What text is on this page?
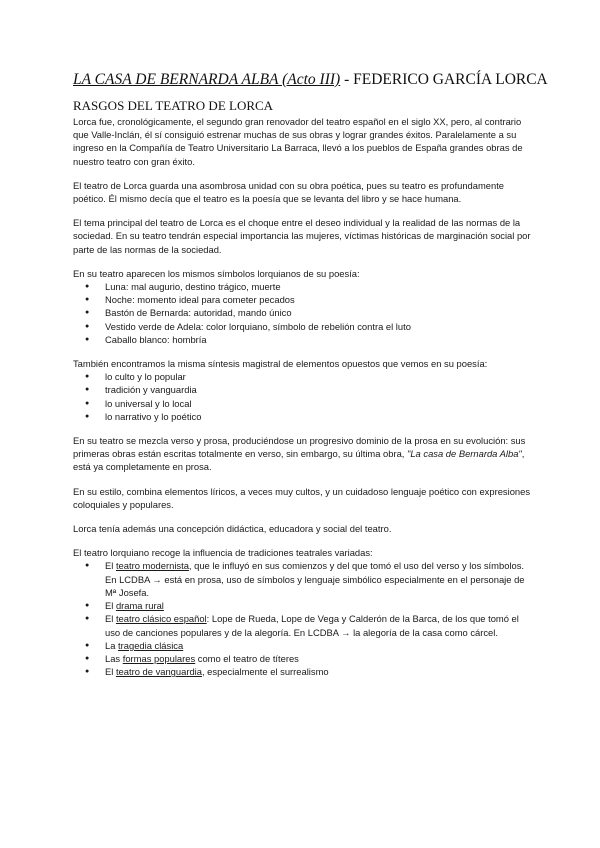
LA CASA DE BERNARDA ALBA (Acto III) - FEDERICO GARCÍA LORCA
RASGOS DEL TEATRO DE LORCA

Lorca fue, cronológicamente, el segundo gran renovador del teatro español en el siglo XX, pero, al contrario que Valle-Inclán, él sí consiguió estrenar muchas de sus obras y lograr grandes éxitos. Paralelamente a su ingreso en la Compañía de Teatro Universitario La Barraca, llevó a los pueblos de España grandes obras de nuestro teatro con gran éxito.

El teatro de Lorca guarda una asombrosa unidad con su obra poética, pues su teatro es profundamente poético. Él mismo decía que el teatro es la poesía que se levanta del libro y se hace humana.

El tema principal del teatro de Lorca es el choque entre el deseo individual y la realidad de las normas de la sociedad. En su teatro tendrán especial importancia las mujeres, víctimas históricas de marginación social por parte de las normas de la sociedad.

En su teatro aparecen los mismos símbolos lorquianos de su poesía:

● Luna: mal augurio, destino trágico, muerte
● Noche: momento ideal para cometer pecados
● Bastón de Bernarda: autoridad, mando único
● Vestido verde de Adela: color lorquiano, símbolo de rebelión contra el luto
● Caballo blanco: hombría

También encontramos la misma síntesis magistral de elementos opuestos que vemos en su poesía:

● lo culto y lo popular
● tradición y vanguardia
● lo universal y lo local
● lo narrativo y lo poético

En su teatro se mezcla verso y prosa, produciéndose un progresivo dominio de la prosa en su evolución: sus primeras obras están escritas totalmente en verso, sin embargo, su última obra, "La casa de Bernarda Alba", está ya completamente en prosa.

En su estilo, combina elementos líricos, a veces muy cultos, y un cuidadoso lenguaje poético con expresiones coloquiales y populares.

Lorca tenía además una concepción didáctica, educadora y social del teatro.

El teatro lorquiano recoge la influencia de tradiciones teatrales variadas:

● El teatro modernista, que le influyó en sus comienzos y del que tomó el uso del verso y los símbolos. En LCDBA → está en prosa, uso de símbolos y lenguaje simbólico especialmente en el personaje de Mª Josefa.
● El drama rural
● El teatro clásico español: Lope de Rueda, Lope de Vega y Calderón de la Barca, de los que tomó el uso de canciones populares y de la alegoría. En LCDBA → la alegoría de la casa como cárcel.
● La tragedia clásica
● Las formas populares como el teatro de títeres
● El teatro de vanguardia, especialmente el surrealismo
